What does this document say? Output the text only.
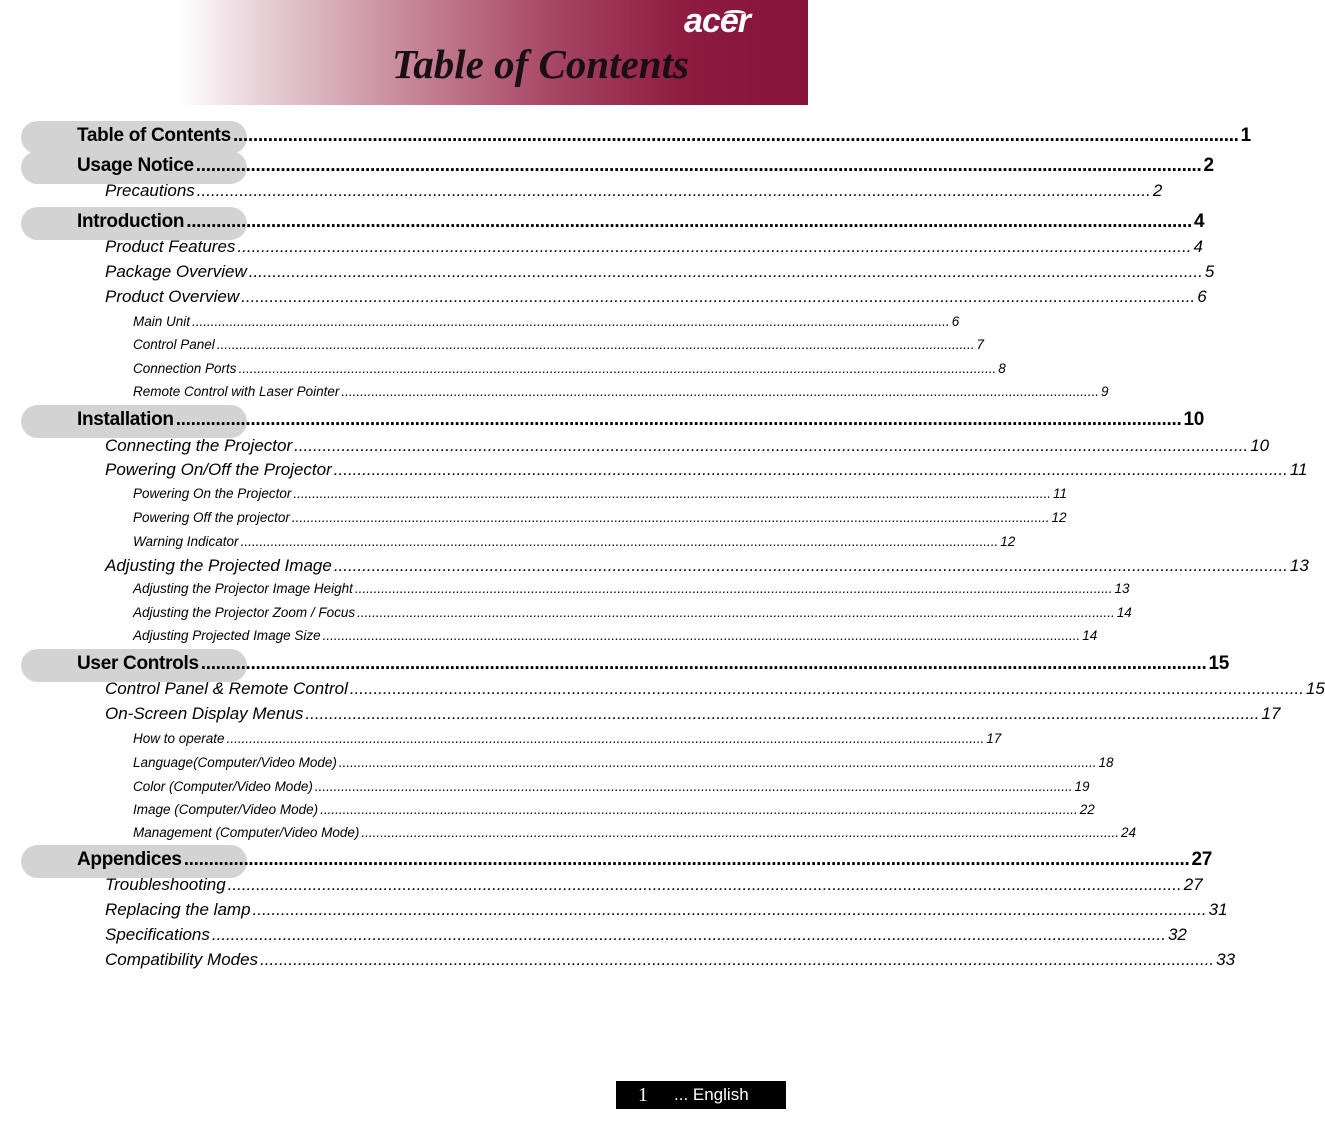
acer
Table of Contents
Table of Contents .......................................................................................................................................................................................................... 1
Usage Notice .......................................................................................................................................................................................................... 2
Precautions .......................................................................................................................................................................................................... 2
Introduction .......................................................................................................................................................................................................... 4
Product Features .......................................................................................................................................................................................................... 4
Package Overview .......................................................................................................................................................................................................... 5
Product Overview .......................................................................................................................................................................................................... 6
Main Unit .......................................................................................................................................................................................................... 6
Control Panel .......................................................................................................................................................................................................... 7
Connection Ports .......................................................................................................................................................................................................... 8
Remote Control with Laser Pointer .......................................................................................................................................................................................................... 9
Installation .......................................................................................................................................................................................................... 10
Connecting the Projector .......................................................................................................................................................................................................... 10
Powering On/Off the Projector .......................................................................................................................................................................................................... 11
Powering On the Projector .......................................................................................................................................................................................................... 11
Powering Off the projector .......................................................................................................................................................................................................... 12
Warning Indicator .......................................................................................................................................................................................................... 12
Adjusting the Projected Image .......................................................................................................................................................................................................... 13
Adjusting the Projector Image Height .......................................................................................................................................................................................................... 13
Adjusting the Projector Zoom / Focus .......................................................................................................................................................................................................... 14
Adjusting Projected Image Size .......................................................................................................................................................................................................... 14
User Controls .......................................................................................................................................................................................................... 15
Control Panel & Remote Control .......................................................................................................................................................................................................... 15
On-Screen Display Menus .......................................................................................................................................................................................................... 17
How to operate .......................................................................................................................................................................................................... 17
Language(Computer/Video Mode) .......................................................................................................................................................................................................... 18
Color (Computer/Video Mode) .......................................................................................................................................................................................................... 19
Image (Computer/Video Mode) .......................................................................................................................................................................................................... 22
Management (Computer/Video Mode) .......................................................................................................................................................................................................... 24
Appendices .......................................................................................................................................................................................................... 27
Troubleshooting .......................................................................................................................................................................................................... 27
Replacing the lamp .......................................................................................................................................................................................................... 31
Specifications .......................................................................................................................................................................................................... 32
Compatibility Modes .......................................................................................................................................................................................................... 33
1	... English
